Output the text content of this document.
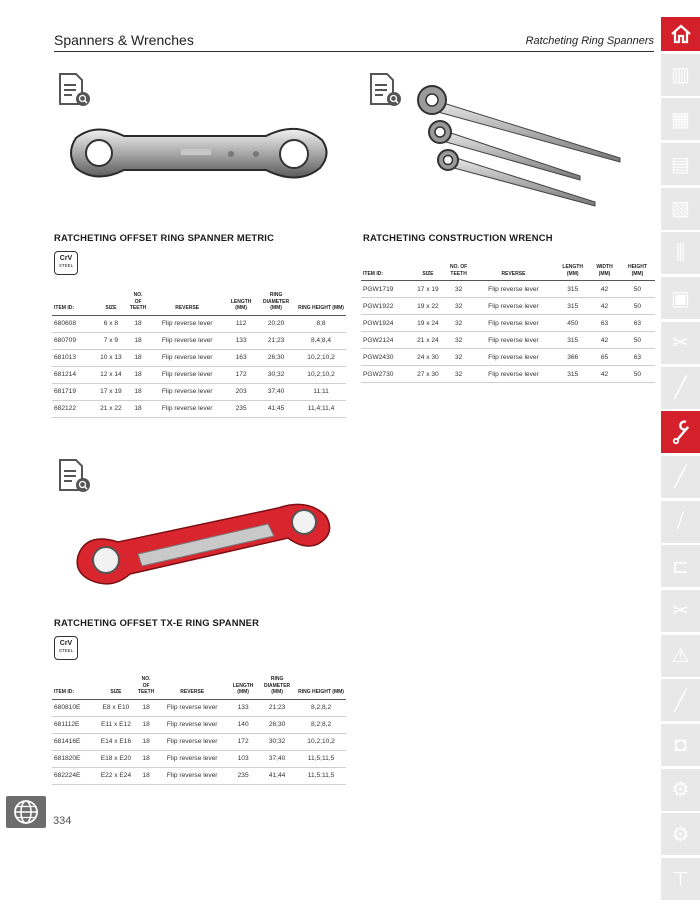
Spanners & Wrenches	Ratcheting Ring Spanners
▥
▦
▤
▧
⫼
▣
✂
╱
╱
⧸
⊏
✂
⚠
╱
◘
⚙
⚙
⊤
RATCHETING OFFSET RING SPANNER METRIC
CrV
STEEL
ITEM ID:	SIZE	NO. OF TEETH	REVERSE	LENGTH (MM)	RING DIAMETER (MM)	RING HEIGHT (MM)
680608	6 x 8	18	Flip reverse lever	112	20;20	8;8
680709	7 x 9	18	Flip reverse lever	133	21;23	8,4;8,4
681013	10 x 13	18	Flip reverse lever	163	26;30	10,2;10,2
681214	12 x 14	18	Flip reverse lever	172	30;32	10,2;10,2
681719	17 x 19	18	Flip reverse lever	203	37;40	11;11
682122	21 x 22	18	Flip reverse lever	235	41;45	11,4;11,4
RATCHETING CONSTRUCTION WRENCH
ITEM ID:	SIZE	NO. OF TEETH	REVERSE	LENGTH (MM)	WIDTH (MM)	HEIGHT (MM)
PGW1719	17 x 19	32	Flip reverse lever	315	42	50
PGW1922	19 x 22	32	Flip reverse lever	315	42	50
PGW1924	19 x 24	32	Flip reverse lever	450	63	63
PGW2124	21 x 24	32	Flip reverse lever	315	42	50
PGW2430	24 x 30	32	Flip reverse lever	366	65	63
PGW2730	27 x 30	32	Flip reverse lever	315	42	50
RATCHETING OFFSET TX-E RING SPANNER
CrV
STEEL
ITEM ID:	SIZE	NO. OF TEETH	REVERSE	LENGTH (MM)	RING DIAMETER (MM)	RING HEIGHT (MM)
680810E	E8 x E10	18	Flip reverse lever	133	21;23	8,2;8,2
681112E	E11 x E12	18	Flip reverse lever	140	26;30	8,2;8,2
681416E	E14 x E16	18	Flip reverse lever	172	30;32	10,2;10,2
681820E	E18 x E20	18	Flip reverse lever	103	37;40	11,5;11,5
682224E	E22 x E24	18	Flip reverse lever	235	41;44	11,5;11,5
334
